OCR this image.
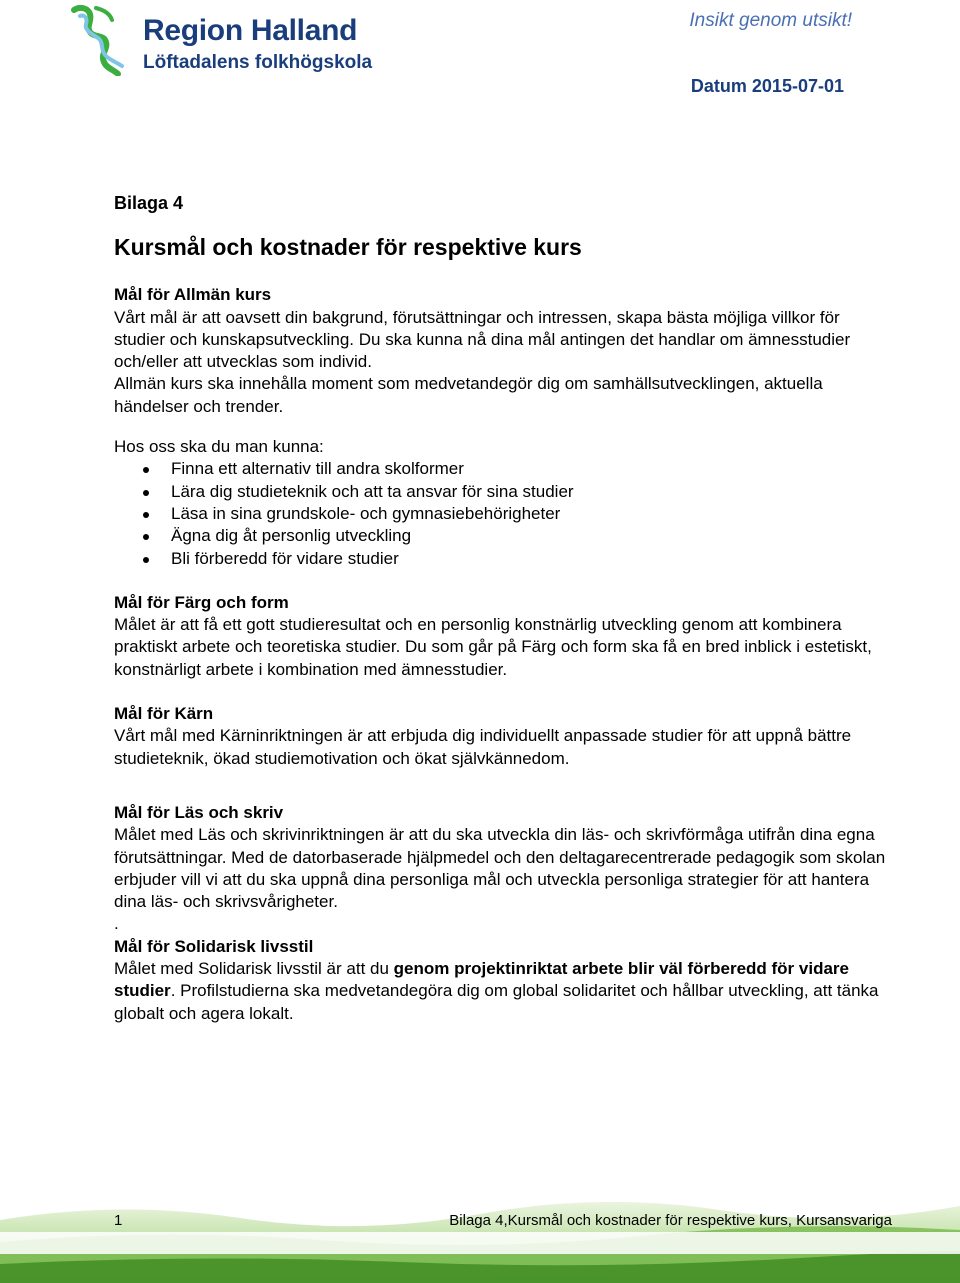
Region Halland
Löftadalens folkhögskola
Insikt genom utsikt!
Datum 2015-07-01

Bilaga 4

Kursmål och kostnader för respektive kurs

Mål för Allmän kurs

Vårt mål är att oavsett din bakgrund, förutsättningar och intressen, skapa bästa möjliga villkor för studier och kunskapsutveckling. Du ska kunna nå dina mål antingen det handlar om ämnesstudier och/eller att utvecklas som individ.

Allmän kurs ska innehålla moment som medvetandegör dig om samhällsutvecklingen, aktuella händelser och trender.

Hos oss ska du man kunna:

Finna ett alternativ till andra skolformer
Lära dig studieteknik och att ta ansvar för sina studier
Läsa in sina grundskole- och gymnasiebehörigheter
Ägna dig åt personlig utveckling
Bli förberedd för vidare studier

Mål för Färg och form

Målet är att få ett gott studieresultat och en personlig konstnärlig utveckling genom att kombinera praktiskt arbete och teoretiska studier. Du som går på Färg och form ska få en bred inblick i estetiskt, konstnärligt arbete i kombination med ämnesstudier.

Mål för Kärn

Vårt mål med Kärninriktningen är att erbjuda dig individuellt anpassade studier för att uppnå bättre studieteknik, ökad studiemotivation och ökat självkännedom.

Mål för Läs och skriv

Målet med Läs och skrivinriktningen är att du ska utveckla din läs- och skrivförmåga utifrån dina egna förutsättningar. Med de datorbaserade hjälpmedel och den deltagarecentrerade pedagogik som skolan erbjuder vill vi att du ska uppnå dina personliga mål och utveckla personliga strategier för att hantera dina läs- och skrivsvårigheter.

.

Mål för Solidarisk livsstil

Målet med Solidarisk livsstil är att du genom projektinriktat arbete blir väl förberedd för vidare studier. Profilstudierna ska medvetandegöra dig om global solidaritet och hållbar utveckling, att tänka globalt och agera lokalt.

1	Bilaga 4,Kursmål och kostnader för respektive kurs, Kursansvariga
